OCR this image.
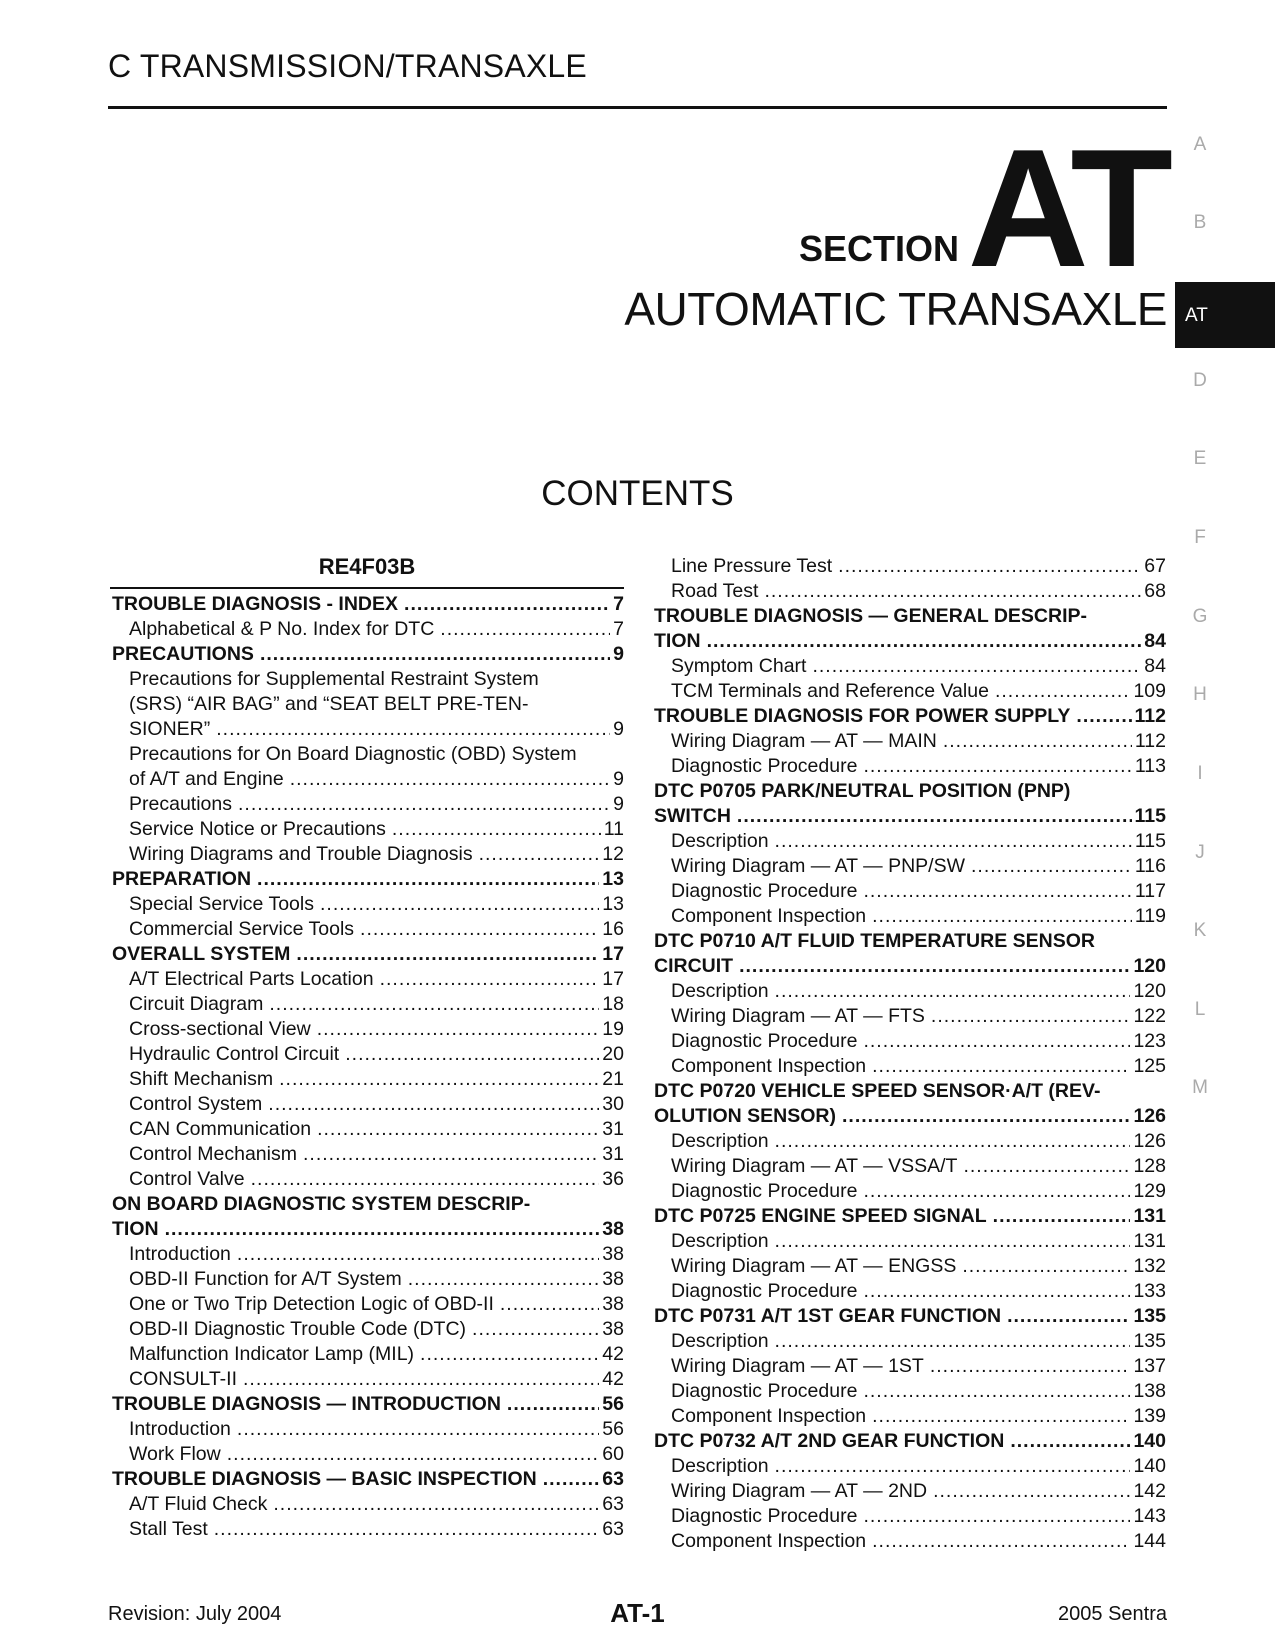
C TRANSMISSION/TRANSAXLE
SECTION AT
AUTOMATIC TRANSAXLE
A
B
AT
D
E
F
G
H
I
J
K
L
M
CONTENTS
RE4F03B
TROUBLE DIAGNOSIS - INDEX .....	7
Alphabetical & P No. Index for DTC .....	7
PRECAUTIONS .....	9
Precautions for Supplemental Restraint System
(SRS) “AIR BAG” and “SEAT BELT PRE-TEN-
SIONER” .....	9
Precautions for On Board Diagnostic (OBD) System
of A/T and Engine .....	9
Precautions .....	9
Service Notice or Precautions .....	11
Wiring Diagrams and Trouble Diagnosis .....	12
PREPARATION .....	13
Special Service Tools .....	13
Commercial Service Tools .....	16
OVERALL SYSTEM .....	17
A/T Electrical Parts Location .....	17
Circuit Diagram .....	18
Cross-sectional View .....	19
Hydraulic Control Circuit .....	20
Shift Mechanism .....	21
Control System .....	30
CAN Communication .....	31
Control Mechanism .....	31
Control Valve .....	36
ON BOARD DIAGNOSTIC SYSTEM DESCRIP-
TION .....	38
Introduction .....	38
OBD-II Function for A/T System .....	38
One or Two Trip Detection Logic of OBD-II .....	38
OBD-II Diagnostic Trouble Code (DTC) .....	38
Malfunction Indicator Lamp (MIL) .....	42
CONSULT-II .....	42
TROUBLE DIAGNOSIS — INTRODUCTION .....	56
Introduction .....	56
Work Flow .....	60
TROUBLE DIAGNOSIS — BASIC INSPECTION .....	63
A/T Fluid Check .....	63
Stall Test .....	63
Line Pressure Test .....	67
Road Test .....	68
TROUBLE DIAGNOSIS — GENERAL DESCRIP-
TION .....	84
Symptom Chart .....	84
TCM Terminals and Reference Value .....	109
TROUBLE DIAGNOSIS FOR POWER SUPPLY .....	112
Wiring Diagram — AT — MAIN .....	112
Diagnostic Procedure .....	113
DTC P0705 PARK/NEUTRAL POSITION (PNP)
SWITCH .....	115
Description .....	115
Wiring Diagram — AT — PNP/SW .....	116
Diagnostic Procedure .....	117
Component Inspection .....	119
DTC P0710 A/T FLUID TEMPERATURE SENSOR
CIRCUIT .....	120
Description .....	120
Wiring Diagram — AT — FTS .....	122
Diagnostic Procedure .....	123
Component Inspection .....	125
DTC P0720 VEHICLE SPEED SENSOR·A/T (REV-
OLUTION SENSOR) .....	126
Description .....	126
Wiring Diagram — AT — VSSA/T .....	128
Diagnostic Procedure .....	129
DTC P0725 ENGINE SPEED SIGNAL .....	131
Description .....	131
Wiring Diagram — AT — ENGSS .....	132
Diagnostic Procedure .....	133
DTC P0731 A/T 1ST GEAR FUNCTION .....	135
Description .....	135
Wiring Diagram — AT — 1ST .....	137
Diagnostic Procedure .....	138
Component Inspection .....	139
DTC P0732 A/T 2ND GEAR FUNCTION .....	140
Description .....	140
Wiring Diagram — AT — 2ND .....	142
Diagnostic Procedure .....	143
Component Inspection .....	144
Revision: July 2004	AT-1	2005 Sentra
